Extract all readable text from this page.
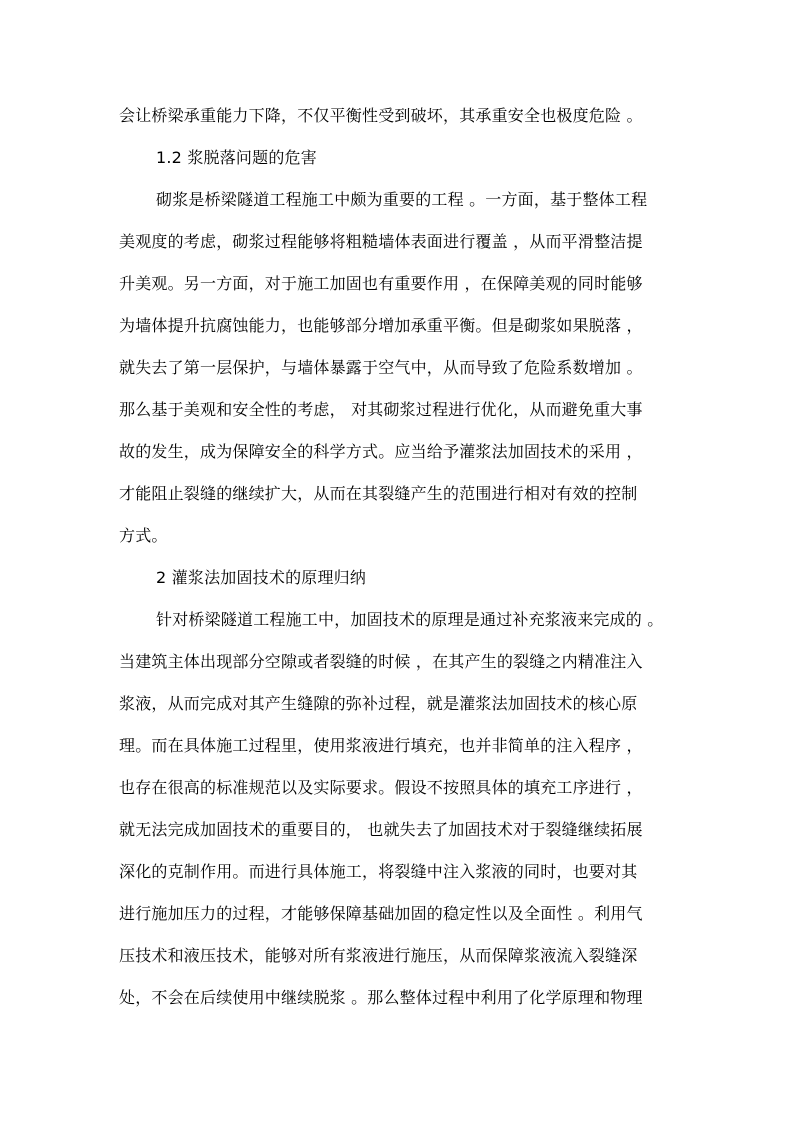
会让桥梁承重能力下降，不仅平衡性受到破坏，其承重安全也极度危险 。
1.2 浆脱落问题的危害
砌浆是桥梁隧道工程施工中颇为重要的工程 。一方面，基于整体工程
美观度的考虑，砌浆过程能够将粗糙墙体表面进行覆盖 ，从而平滑整洁提
升美观。另一方面，对于施工加固也有重要作用 ，在保障美观的同时能够
为墙体提升抗腐蚀能力，也能够部分增加承重平衡。但是砌浆如果脱落 ，
就失去了第一层保护，与墙体暴露于空气中，从而导致了危险系数增加 。
那么基于美观和安全性的考虑， 对其砌浆过程进行优化，从而避免重大事
故的发生，成为保障安全的科学方式。应当给予灌浆法加固技术的采用 ，
才能阻止裂缝的继续扩大，从而在其裂缝产生的范围进行相对有效的控制
方式。
2 灌浆法加固技术的原理归纳
针对桥梁隧道工程施工中，加固技术的原理是通过补充浆液来完成的 。
当建筑主体出现部分空隙或者裂缝的时候 ，在其产生的裂缝之内精准注入
浆液，从而完成对其产生缝隙的弥补过程，就是灌浆法加固技术的核心原
理。而在具体施工过程里，使用浆液进行填充，也并非简单的注入程序 ，
也存在很高的标准规范以及实际要求。假设不按照具体的填充工序进行 ，
就无法完成加固技术的重要目的， 也就失去了加固技术对于裂缝继续拓展
深化的克制作用。而进行具体施工，将裂缝中注入浆液的同时，也要对其
进行施加压力的过程，才能够保障基础加固的稳定性以及全面性 。利用气
压技术和液压技术，能够对所有浆液进行施压，从而保障浆液流入裂缝深
处，不会在后续使用中继续脱浆 。那么整体过程中利用了化学原理和物理
